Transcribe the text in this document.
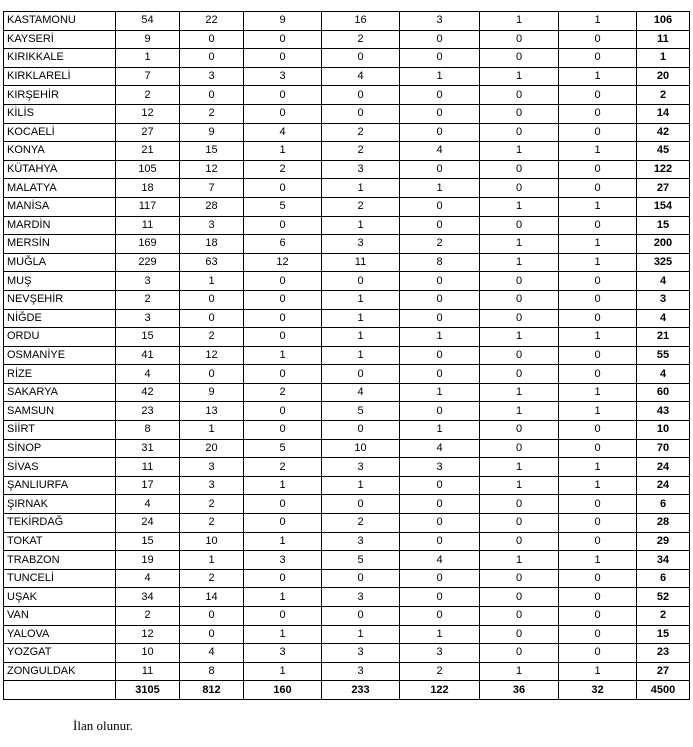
KASTAMONU	54	22	9	16	3	1	1	106
KAYSERİ	9	0	0	2	0	0	0	11
KIRIKKALE	1	0	0	0	0	0	0	1
KIRKLARELİ	7	3	3	4	1	1	1	20
KIRŞEHİR	2	0	0	0	0	0	0	2
KİLİS	12	2	0	0	0	0	0	14
KOCAELİ	27	9	4	2	0	0	0	42
KONYA	21	15	1	2	4	1	1	45
KÜTAHYA	105	12	2	3	0	0	0	122
MALATYA	18	7	0	1	1	0	0	27
MANİSA	117	28	5	2	0	1	1	154
MARDİN	11	3	0	1	0	0	0	15
MERSİN	169	18	6	3	2	1	1	200
MUĞLA	229	63	12	11	8	1	1	325
MUŞ	3	1	0	0	0	0	0	4
NEVŞEHİR	2	0	0	1	0	0	0	3
NİĞDE	3	0	0	1	0	0	0	4
ORDU	15	2	0	1	1	1	1	21
OSMANİYE	41	12	1	1	0	0	0	55
RİZE	4	0	0	0	0	0	0	4
SAKARYA	42	9	2	4	1	1	1	60
SAMSUN	23	13	0	5	0	1	1	43
SİİRT	8	1	0	0	1	0	0	10
SİNOP	31	20	5	10	4	0	0	70
SİVAS	11	3	2	3	3	1	1	24
ŞANLIURFA	17	3	1	1	0	1	1	24
ŞIRNAK	4	2	0	0	0	0	0	6
TEKİRDAĞ	24	2	0	2	0	0	0	28
TOKAT	15	10	1	3	0	0	0	29
TRABZON	19	1	3	5	4	1	1	34
TUNCELİ	4	2	0	0	0	0	0	6
UŞAK	34	14	1	3	0	0	0	52
VAN	2	0	0	0	0	0	0	2
YALOVA	12	0	1	1	1	0	0	15
YOZGAT	10	4	3	3	3	0	0	23
ZONGULDAK	11	8	1	3	2	1	1	27
	3105	812	160	233	122	36	32	4500
İlan olunur.
